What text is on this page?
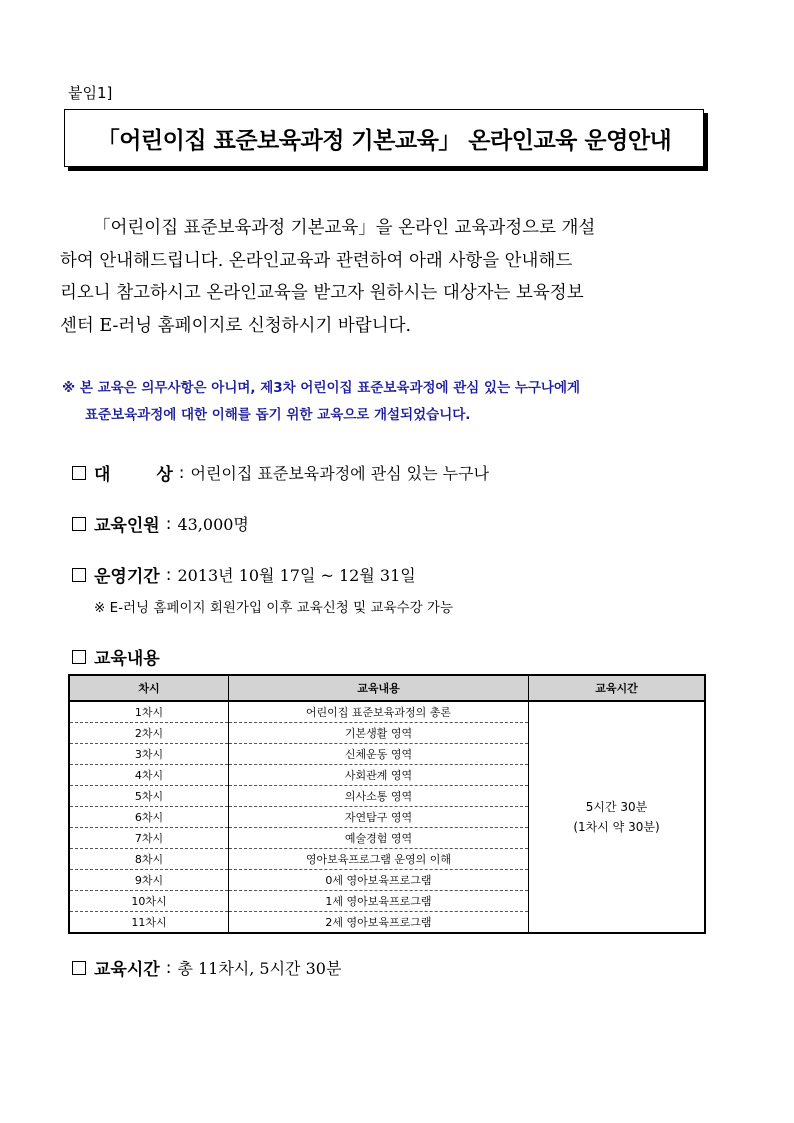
붙임1]
「어린이집 표준보육과정 기본교육」 온라인교육 운영안내

「어린이집 표준보육과정 기본교육」을 온라인 교육과정으로 개설

하여 안내해드립니다. 온라인교육과 관련하여 아래 사항을 안내해드

리오니 참고하시고 온라인교육을 받고자 원하시는 대상자는 보육정보

센터 E-러닝 홈페이지로 신청하시기 바랍니다.

※ 본 교육은 의무사항은 아니며, 제3차 어린이집 표준보육과정에 관심 있는 누구나에게

표준보육과정에 대한 이해를 돕기 위한 교육으로 개설되었습니다.

대 상 : 어린이집 표준보육과정에 관심 있는 누구나
교육인원 : 43,000명
운영기간 : 2013년 10월 17일 ~ 12월 31일
※ E-러닝 홈페이지 회원가입 이후 교육신청 및 교육수강 가능
교육내용
차시	교육내용	교육시간
1차시	어린이집 표준보육과정의 총론	5시간 30분
(1차시 약 30분)

2차시	기본생활 영역	
3차시	신체운동 영역	
4차시	사회관계 영역	
5차시	의사소통 영역	
6차시	자연탐구 영역	
7차시	예술경험 영역	
8차시	영아보육프로그램 운영의 이해	
9차시	0세 영아보육프로그램	
10차시	1세 영아보육프로그램	
11차시	2세 영아보육프로그램	
교육시간 : 총 11차시, 5시간 30분
